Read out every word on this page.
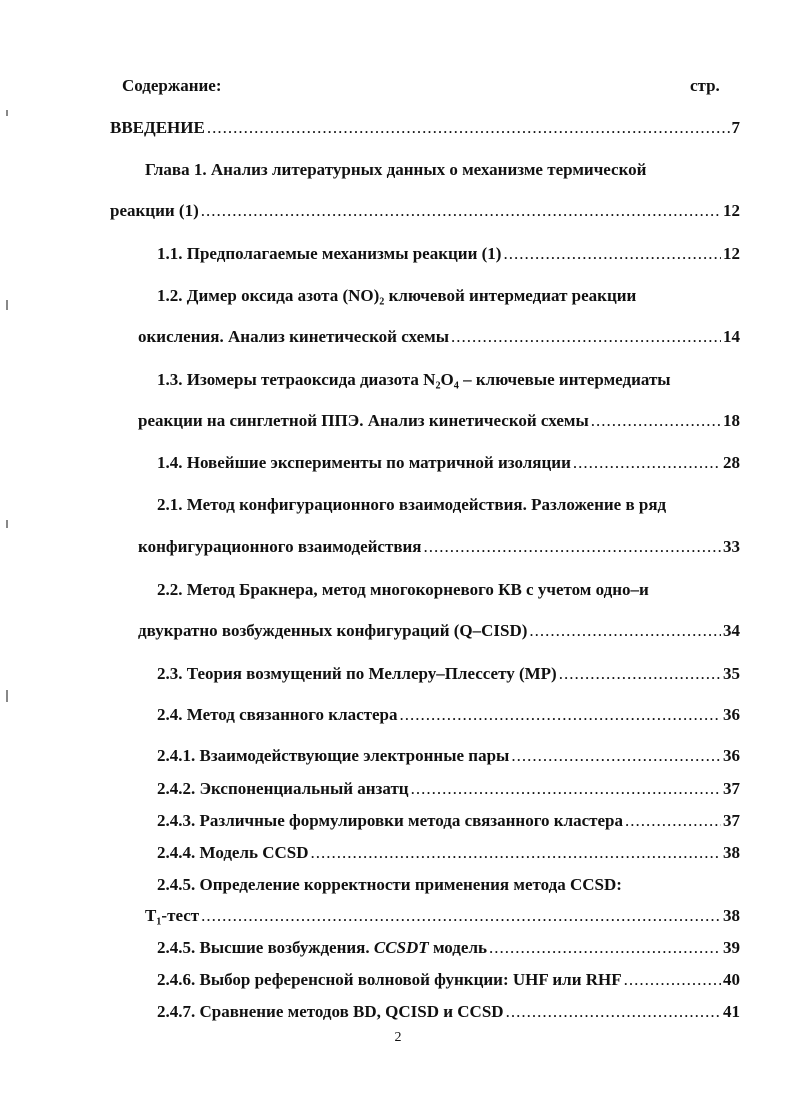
Содержание:	стр.
ВВЕДЕНИЕ .....	7
Глава 1. Анализ литературных данных о механизме термической
реакции (1) .....	12
1.1. Предполагаемые механизмы реакции (1) .....	12
1.2. Димер оксида азота (NO)₂ ключевой интермедиат реакции
окисления. Анализ кинетической схемы .....	14
1.3. Изомеры тетраоксида диазота N₂O₄ – ключевые интермедиаты
реакции на синглетной ППЭ. Анализ кинетической схемы .....	18
1.4. Новейшие эксперименты по матричной изоляции .....	28
2.1. Метод конфигурационного взаимодействия. Разложение в ряд
конфигурационного взаимодействия .....	33
2.2. Метод Бракнера, метод многокорневого КВ с учетом одно–и
двукратно возбужденных конфигураций (Q–CISD) .....	34
2.3. Теория возмущений по Меллеру–Плессету (МР) .....	35
2.4. Метод связанного кластера .....	36
2.4.1. Взаимодействующие электронные пары .....	36
2.4.2. Экспоненциальный анзатц .....	37
2.4.3. Различные формулировки метода связанного кластера .....	37
2.4.4. Модель CCSD .....	38
2.4.5. Определение корректности применения метода CCSD:
T₁-тест .....	38
2.4.5. Высшие возбуждения. CCSDT модель .....	39
2.4.6. Выбор референсной волновой функции: UHF или RHF .....	40
2.4.7. Сравнение методов BD, QCISD и CCSD .....	41
2
